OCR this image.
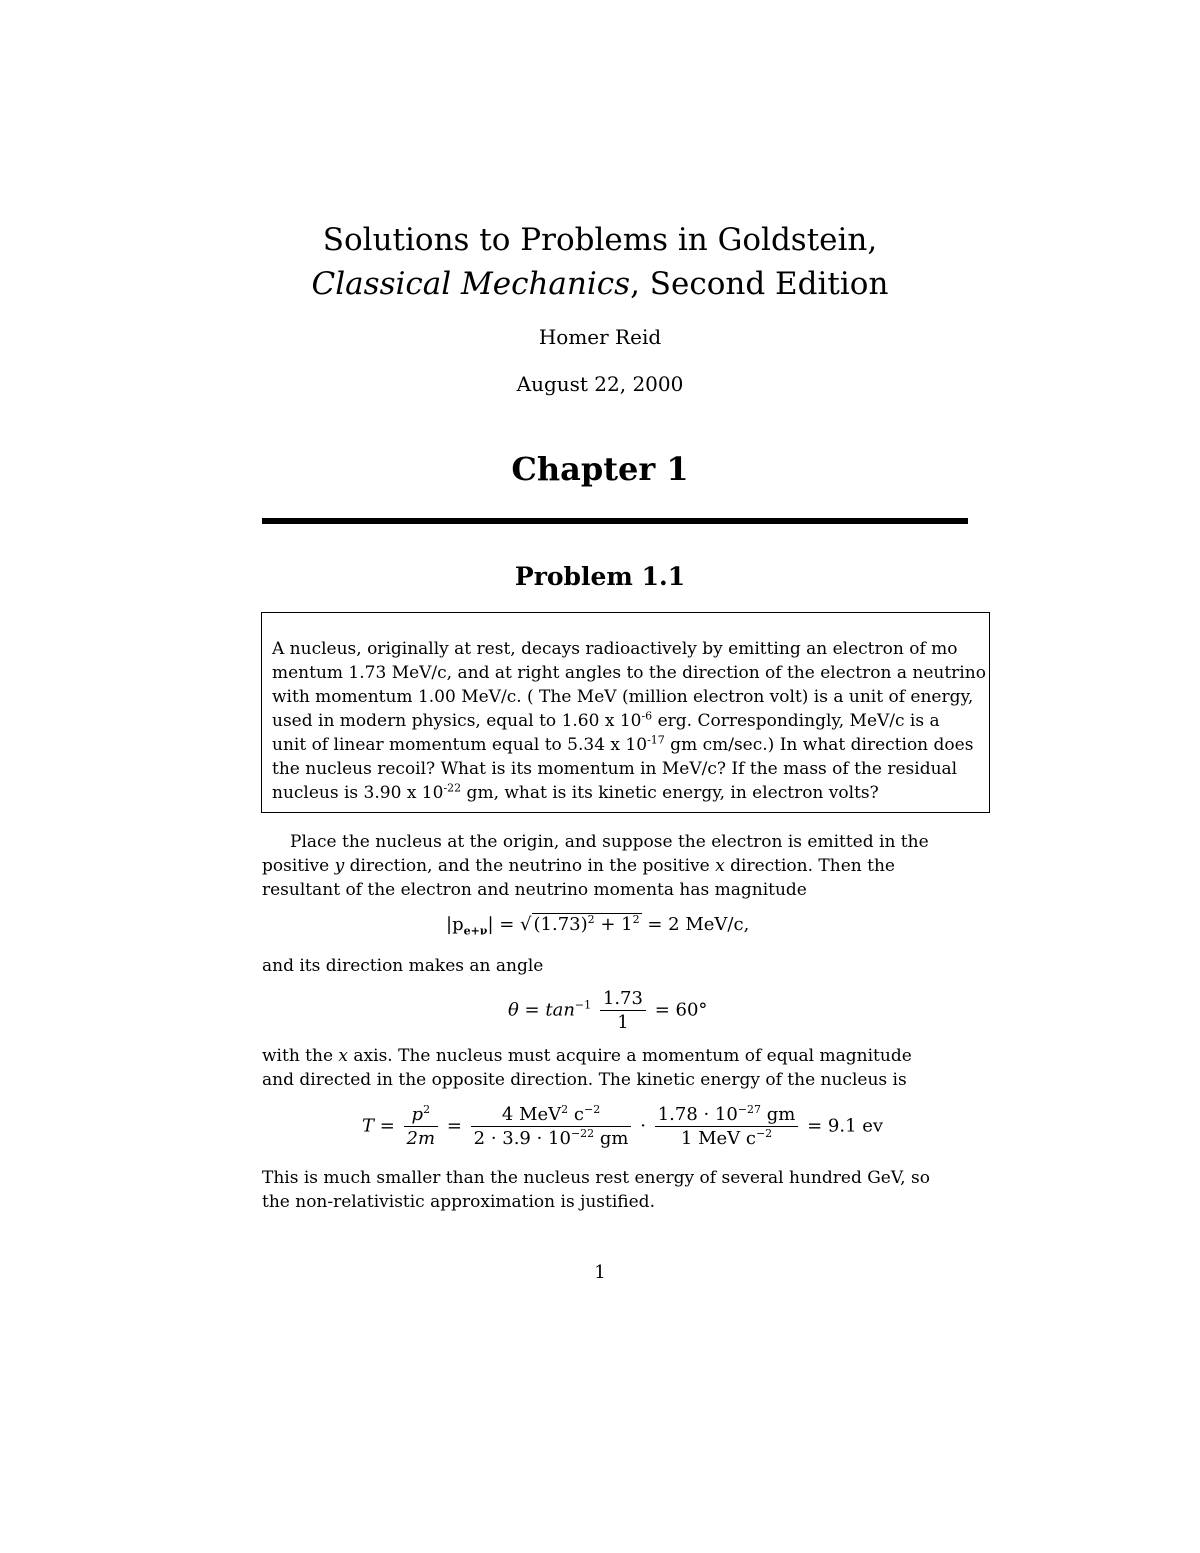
Solutions to Problems in Goldstein,
Classical Mechanics, Second Edition
Homer Reid
August 22, 2000
Chapter 1
Problem 1.1
A nucleus, originally at rest, decays radioactively by emitting an electron of mo
mentum 1.73 MeV/c, and at right angles to the direction of the electron a neutrino
with momentum 1.00 MeV/c. ( The MeV (million electron volt) is a unit of energy,
used in modern physics, equal to 1.60 x $10^{-6}$ erg. Correspondingly, MeV/c is a
unit of linear momentum equal to 5.34 x $10^{-17}$ gm cm/sec.) In what direction does
the nucleus recoil? What is its momentum in MeV/c? If the mass of the residual
nucleus is 3.90 x $10^{-22}$ gm, what is its kinetic energy, in electron volts?
Place the nucleus at the origin, and suppose the electron is emitted in the
positive y direction, and the neutrino in the positive x direction. Then the
resultant of the electron and neutrino momenta has magnitude
$|p_{e+\nu}|$ = √ $(1.73)^2 + 1^2 = 2$ MeV/c,
and its direction makes an angle
$\theta = \tan^{-1} \frac{1.73}{1} = 60^\circ$
with the x axis. The nucleus must acquire a momentum of equal magnitude
and directed in the opposite direction. The kinetic energy of the nucleus is
$T = \frac{p^2}{2m} = \frac{4 MeV^2 c^{-2}}{2 \cdot 3.9 \cdot 10^{-22} gm} \cdot \frac{1.78 \cdot 10^{-27} gm}{1 MeV c^{-2}} = 9.1$ ev
This is much smaller than the nucleus rest energy of several hundred GeV, so
the non-relativistic approximation is justified.
1
